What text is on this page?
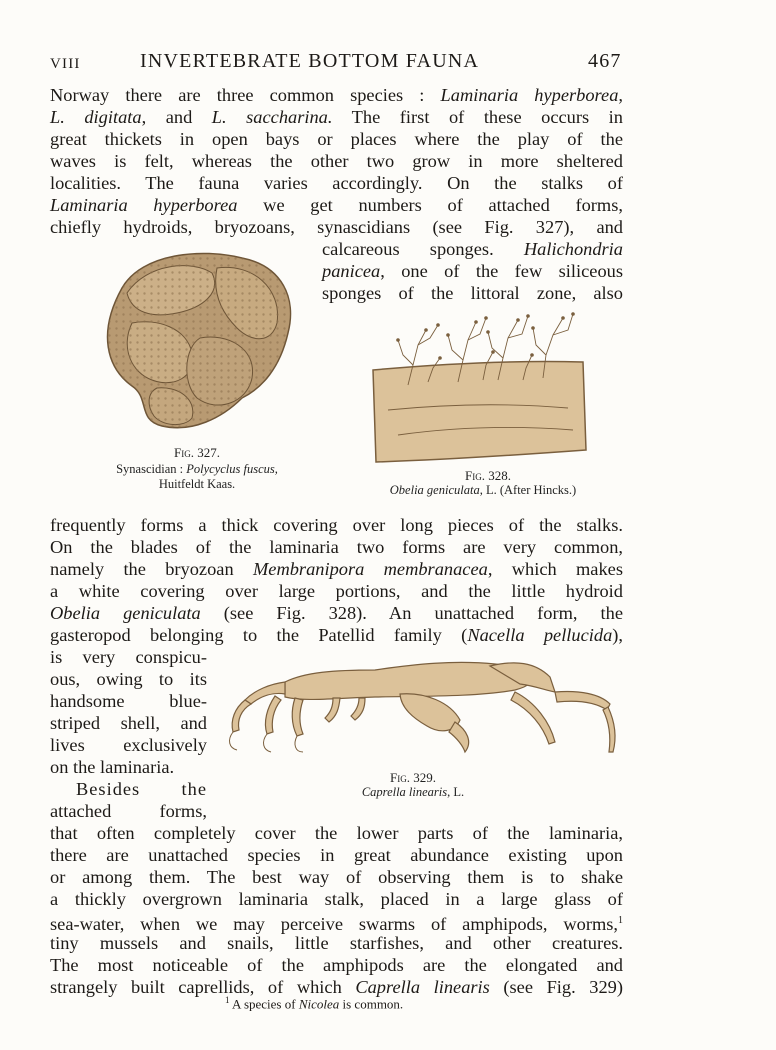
VIII	INVERTEBRATE BOTTOM FAUNA	467
Norway there are three common species : Laminaria hyperborea,
L. digitata, and L. saccharina. The first of these occurs in
great thickets in open bays or places where the play of the
waves is felt, whereas the other two grow in more sheltered
localities. The fauna varies accordingly. On the stalks of
Laminaria hyperborea we get numbers of attached forms,
chiefly hydroids, bryozoans, synascidians (see Fig. 327), and
calcareous sponges. Halichondria
panicea, one of the few siliceous
sponges of the littoral zone, also
Fig. 327.
Synascidian : Polycyclus fuscus,
Huitfeldt Kaas.
Fig. 328.
Obelia geniculata, L. (After Hincks.)
frequently forms a thick covering over long pieces of the stalks.
On the blades of the laminaria two forms are very common,
namely the bryozoan Membranipora membranacea, which makes
a white covering over large portions, and the little hydroid
Obelia geniculata (see Fig. 328). An unattached form, the
gasteropod belonging to the Patellid family (Nacella pellucida),
is very conspicu-
ous, owing to its
handsome blue-
striped shell, and
lives exclusively
on the laminaria.
Besides the
attached forms,
that often completely cover the lower parts of the laminaria,
there are unattached species in great abundance existing upon
or among them. The best way of observing them is to shake
a thickly overgrown laminaria stalk, placed in a large glass of
sea-water, when we may perceive swarms of amphipods, worms,$^1$
tiny mussels and snails, little starfishes, and other creatures.
The most noticeable of the amphipods are the elongated and
strangely built caprellids, of which Caprella linearis (see Fig. 329)
Fig. 329.
Caprella linearis, L.
$^1$ A species of Nicolea is common.
